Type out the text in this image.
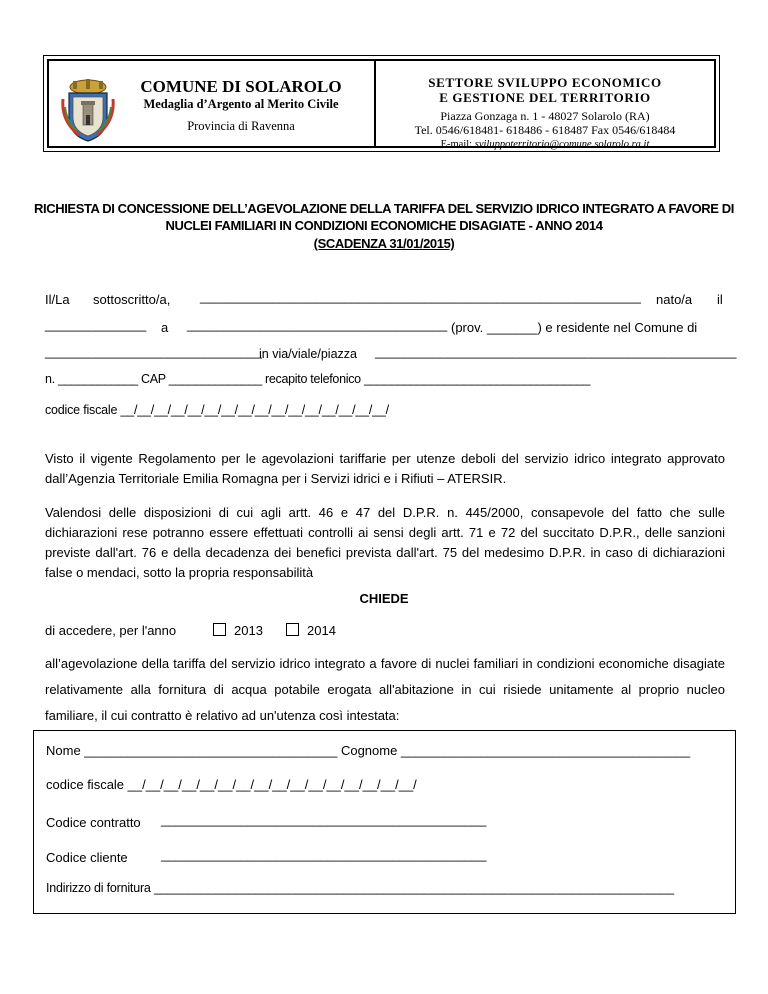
COMUNE DI SOLAROLO
Medaglia d’Argento al Merito Civile
Provincia di Ravenna
SETTORE SVILUPPO ECONOMICO
E GESTIONE DEL TERRITORIO
Piazza Gonzaga n. 1 - 48027 Solarolo (RA)
Tel. 0546/618481- 618486 - 618487 Fax 0546/618484
E-mail: sviluppoterritorio@comune.solarolo.ra.it
RICHIESTA DI CONCESSIONE DELL’AGEVOLAZIONE DELLA TARIFFA DEL SERVIZIO IDRICO INTEGRATO A FAVORE DI
NUCLEI FAMILIARI IN CONDIZIONI ECONOMICHE DISAGIATE - ANNO 2014
(SCADENZA 31/01/2015)
Il/La sottoscritto/a, _____________________________________________________________ nato/a il
______________ a ____________________________________ (prov. _______) e residente nel Comune di
______________________________
in via/viale/piazza __________________________________________________
n. ____________ CAP ______________ recapito telefonico __________________________________
codice fiscale __/__/__/__/__/__/__/__/__/__/__/__/__/__/__/__/
Visto il vigente Regolamento per le agevolazioni tariffarie per utenze deboli del servizio idrico integrato approvato dall’Agenzia Territoriale Emilia Romagna per i Servizi idrici e i Rifiuti – ATERSIR.
Valendosi delle disposizioni di cui agli artt. 46 e 47 del D.P.R. n. 445/2000, consapevole del fatto che sulle dichiarazioni rese potranno essere effettuati controlli ai sensi degli artt. 71 e 72 del succitato D.P.R., delle sanzioni previste dall'art. 76 e della decadenza dei benefici prevista dall'art. 75 del medesimo D.P.R. in caso di dichiarazioni false o mendaci, sotto la propria responsabilità
CHIEDE
di accedere, per l'anno	2013	2014
all’agevolazione della tariffa del servizio idrico integrato a favore di nuclei familiari in condizioni economiche disagiate relativamente alla fornitura di acqua potabile erogata all'abitazione in cui risiede unitamente al proprio nucleo familiare, il cui contratto è relativo ad un'utenza così intestata:
Nome ___________________________________ Cognome ________________________________________
codice fiscale __/__/__/__/__/__/__/__/__/__/__/__/__/__/__/__/
Codice contratto _____________________________________________
Codice cliente	_____________________________________________
Indirizzo di fornitura _____________________________________________________________________________
